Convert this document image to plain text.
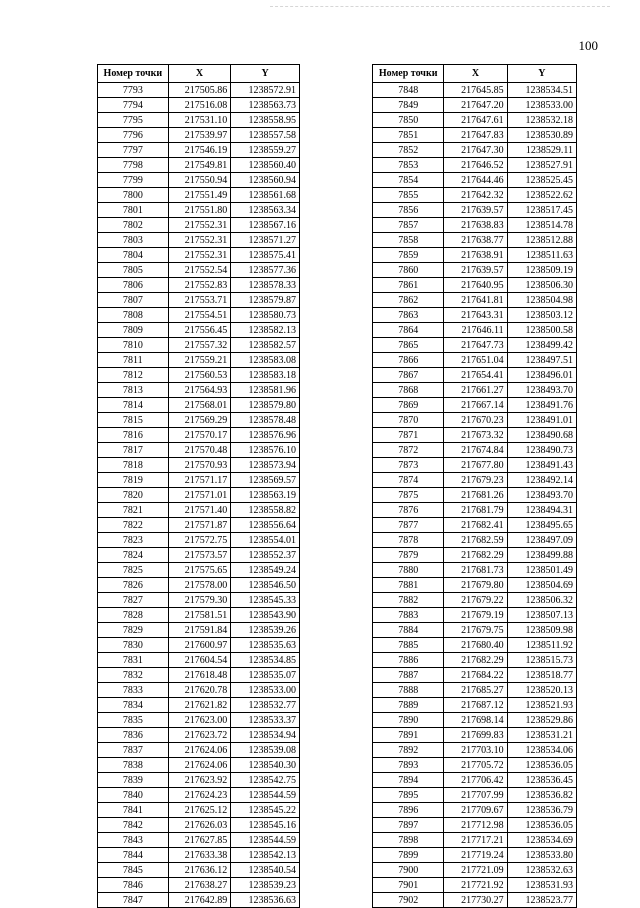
100
Номер точки	X	Y
7793	217505.86	1238572.91
7794	217516.08	1238563.73
7795	217531.10	1238558.95
7796	217539.97	1238557.58
7797	217546.19	1238559.27
7798	217549.81	1238560.40
7799	217550.94	1238560.94
7800	217551.49	1238561.68
7801	217551.80	1238563.34
7802	217552.31	1238567.16
7803	217552.31	1238571.27
7804	217552.31	1238575.41
7805	217552.54	1238577.36
7806	217552.83	1238578.33
7807	217553.71	1238579.87
7808	217554.51	1238580.73
7809	217556.45	1238582.13
7810	217557.32	1238582.57
7811	217559.21	1238583.08
7812	217560.53	1238583.18
7813	217564.93	1238581.96
7814	217568.01	1238579.80
7815	217569.29	1238578.48
7816	217570.17	1238576.96
7817	217570.48	1238576.10
7818	217570.93	1238573.94
7819	217571.17	1238569.57
7820	217571.01	1238563.19
7821	217571.40	1238558.82
7822	217571.87	1238556.64
7823	217572.75	1238554.01
7824	217573.57	1238552.37
7825	217575.65	1238549.24
7826	217578.00	1238546.50
7827	217579.30	1238545.33
7828	217581.51	1238543.90
7829	217591.84	1238539.26
7830	217600.97	1238535.63
7831	217604.54	1238534.85
7832	217618.48	1238535.07
7833	217620.78	1238533.00
7834	217621.82	1238532.77
7835	217623.00	1238533.37
7836	217623.72	1238534.94
7837	217624.06	1238539.08
7838	217624.06	1238540.30
7839	217623.92	1238542.75
7840	217624.23	1238544.59
7841	217625.12	1238545.22
7842	217626.03	1238545.16
7843	217627.85	1238544.59
7844	217633.38	1238542.13
7845	217636.12	1238540.54
7846	217638.27	1238539.23
7847	217642.89	1238536.63
Номер точки	X	Y
7848	217645.85	1238534.51
7849	217647.20	1238533.00
7850	217647.61	1238532.18
7851	217647.83	1238530.89
7852	217647.30	1238529.11
7853	217646.52	1238527.91
7854	217644.46	1238525.45
7855	217642.32	1238522.62
7856	217639.57	1238517.45
7857	217638.83	1238514.78
7858	217638.77	1238512.88
7859	217638.91	1238511.63
7860	217639.57	1238509.19
7861	217640.95	1238506.30
7862	217641.81	1238504.98
7863	217643.31	1238503.12
7864	217646.11	1238500.58
7865	217647.73	1238499.42
7866	217651.04	1238497.51
7867	217654.41	1238496.01
7868	217661.27	1238493.70
7869	217667.14	1238491.76
7870	217670.23	1238491.01
7871	217673.32	1238490.68
7872	217674.84	1238490.73
7873	217677.80	1238491.43
7874	217679.23	1238492.14
7875	217681.26	1238493.70
7876	217681.79	1238494.31
7877	217682.41	1238495.65
7878	217682.59	1238497.09
7879	217682.29	1238499.88
7880	217681.73	1238501.49
7881	217679.80	1238504.69
7882	217679.22	1238506.32
7883	217679.19	1238507.13
7884	217679.75	1238509.98
7885	217680.40	1238511.92
7886	217682.29	1238515.73
7887	217684.22	1238518.77
7888	217685.27	1238520.13
7889	217687.12	1238521.93
7890	217698.14	1238529.86
7891	217699.83	1238531.21
7892	217703.10	1238534.06
7893	217705.72	1238536.05
7894	217706.42	1238536.45
7895	217707.99	1238536.82
7896	217709.67	1238536.79
7897	217712.98	1238536.05
7898	217717.21	1238534.69
7899	217719.24	1238533.80
7900	217721.09	1238532.63
7901	217721.92	1238531.93
7902	217730.27	1238523.77
